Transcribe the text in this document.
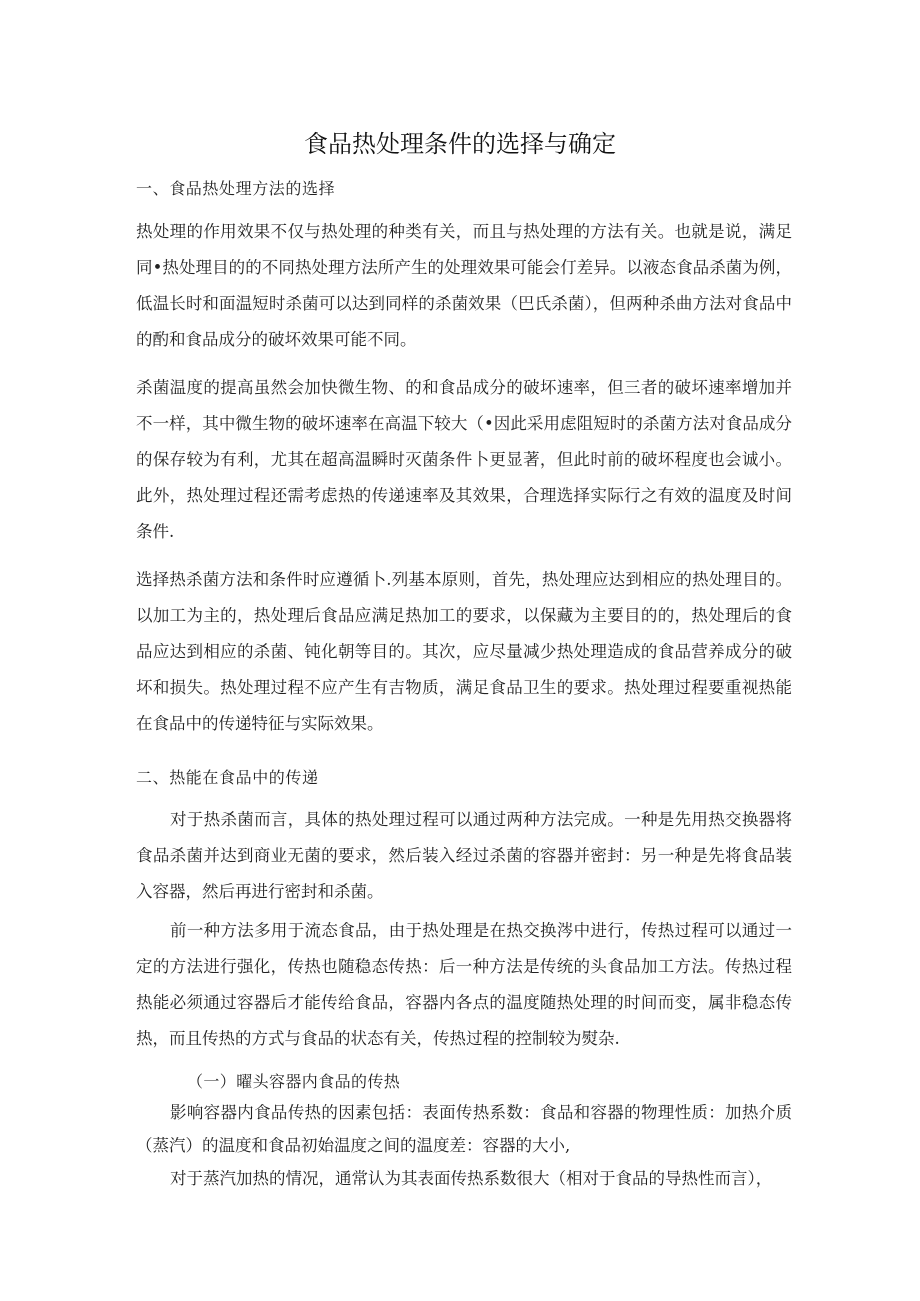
食品热处理条件的选择与确定
一、食品热处理方法的选择

热处理的作用效果不仅与热处理的种类有关，而且与热处理的方法有关。也就是说，满足同•热处理目的的不同热处理方法所产生的处理效果可能会仃差异。以液态食品杀菌为例，低温长时和面温短时杀菌可以达到同样的杀菌效果（巴氏杀菌），但两种杀曲方法对食品中的酌和食品成分的破坏效果可能不同。

杀菌温度的提高虽然会加快微生物、的和食品成分的破坏速率，但三者的破坏速率增加并不一样，其中微生物的破坏速率在高温下较大（•因此采用虑阻短时的杀菌方法对食品成分的保存较为有利，尤其在超高温瞬时灭菌条件卜更显著，但此时前的破坏程度也会诚小。此外，热处理过程还需考虑热的传递速率及其效果，合理选择实际行之有效的温度及时间条件.

选择热杀菌方法和条件时应遵循卜.列基本原则，首先，热处理应达到相应的热处理目的。以加工为主的，热处理后食品应满足热加工的要求，以保藏为主要目的的，热处理后的食品应达到相应的杀菌、钝化朝等目的。其次，应尽量减少热处理造成的食品营养成分的破坏和损失。热处理过程不应产生有吉物质，满足食品卫生的要求。热处理过程要重视热能在食品中的传递特征与实际效果。

二、热能在食品中的传递

对于热杀菌而言，具体的热处理过程可以通过两种方法完成。一种是先用热交换器将食品杀菌并达到商业无菌的要求，然后装入经过杀菌的容器并密封：另一种是先将食品装入容器，然后再进行密封和杀菌。

前一种方法多用于流态食品，由于热处理是在热交换涔中进行，传热过程可以通过一定的方法进行强化，传热也随稳态传热：后一种方法是传统的头食品加工方法。传热过程热能必须通过容器后才能传给食品，容器内各点的温度随热处理的时间而变，属非稳态传热，而且传热的方式与食品的状态有关，传热过程的控制较为熨杂.

（一）曜头容器内食品的传热

影响容器内食品传热的因素包括：表面传热系数：食品和容器的物理性质：加热介质（蒸汽）的温度和食品初始温度之间的温度差：容器的大小,

对于蒸汽加热的情况，通常认为其表面传热系数很大（相对于食品的导热性而言），
